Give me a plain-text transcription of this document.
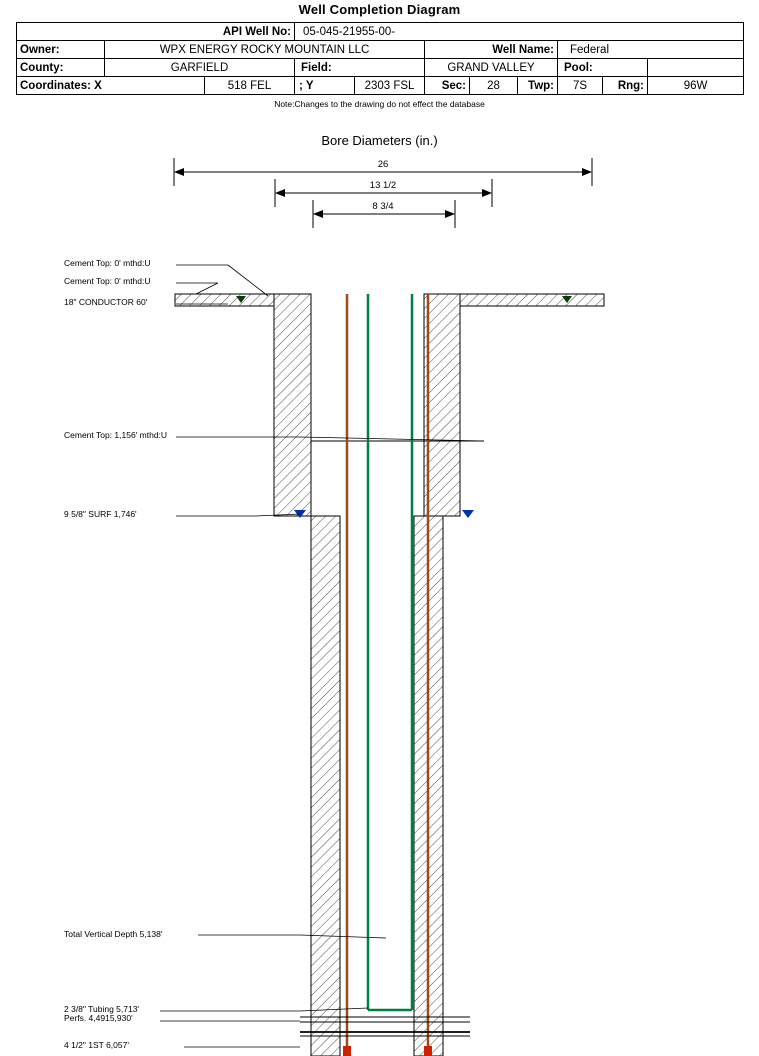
Well Completion Diagram
API Well No:			05-045-21955-00-							
Owner:	WPX ENERGY ROCKY MOUNTAIN LLC				Well Name:			Federal		
County:	GARFIELD		Field:		GRAND VALLEY			Pool:		
Coordinates: X		518 FEL	; Y	2303 FSL	Sec:	28	Twp:	7S	Rng:	96W
Note:Changes to the drawing do not effect the database
Bore Diameters (in.)
26
13 1/2
8 3/4
Cement Top: 0' mthd:U
Cement Top: 0' mthd:U
18" CONDUCTOR 60'
Cement Top: 1,156' mthd:U
9 5/8" SURF 1,746'
Total Vertical Depth 5,138'
2 3/8" Tubing 5,713'
Perfs. 4,4915,930'
4 1/2" 1ST 6,057'
